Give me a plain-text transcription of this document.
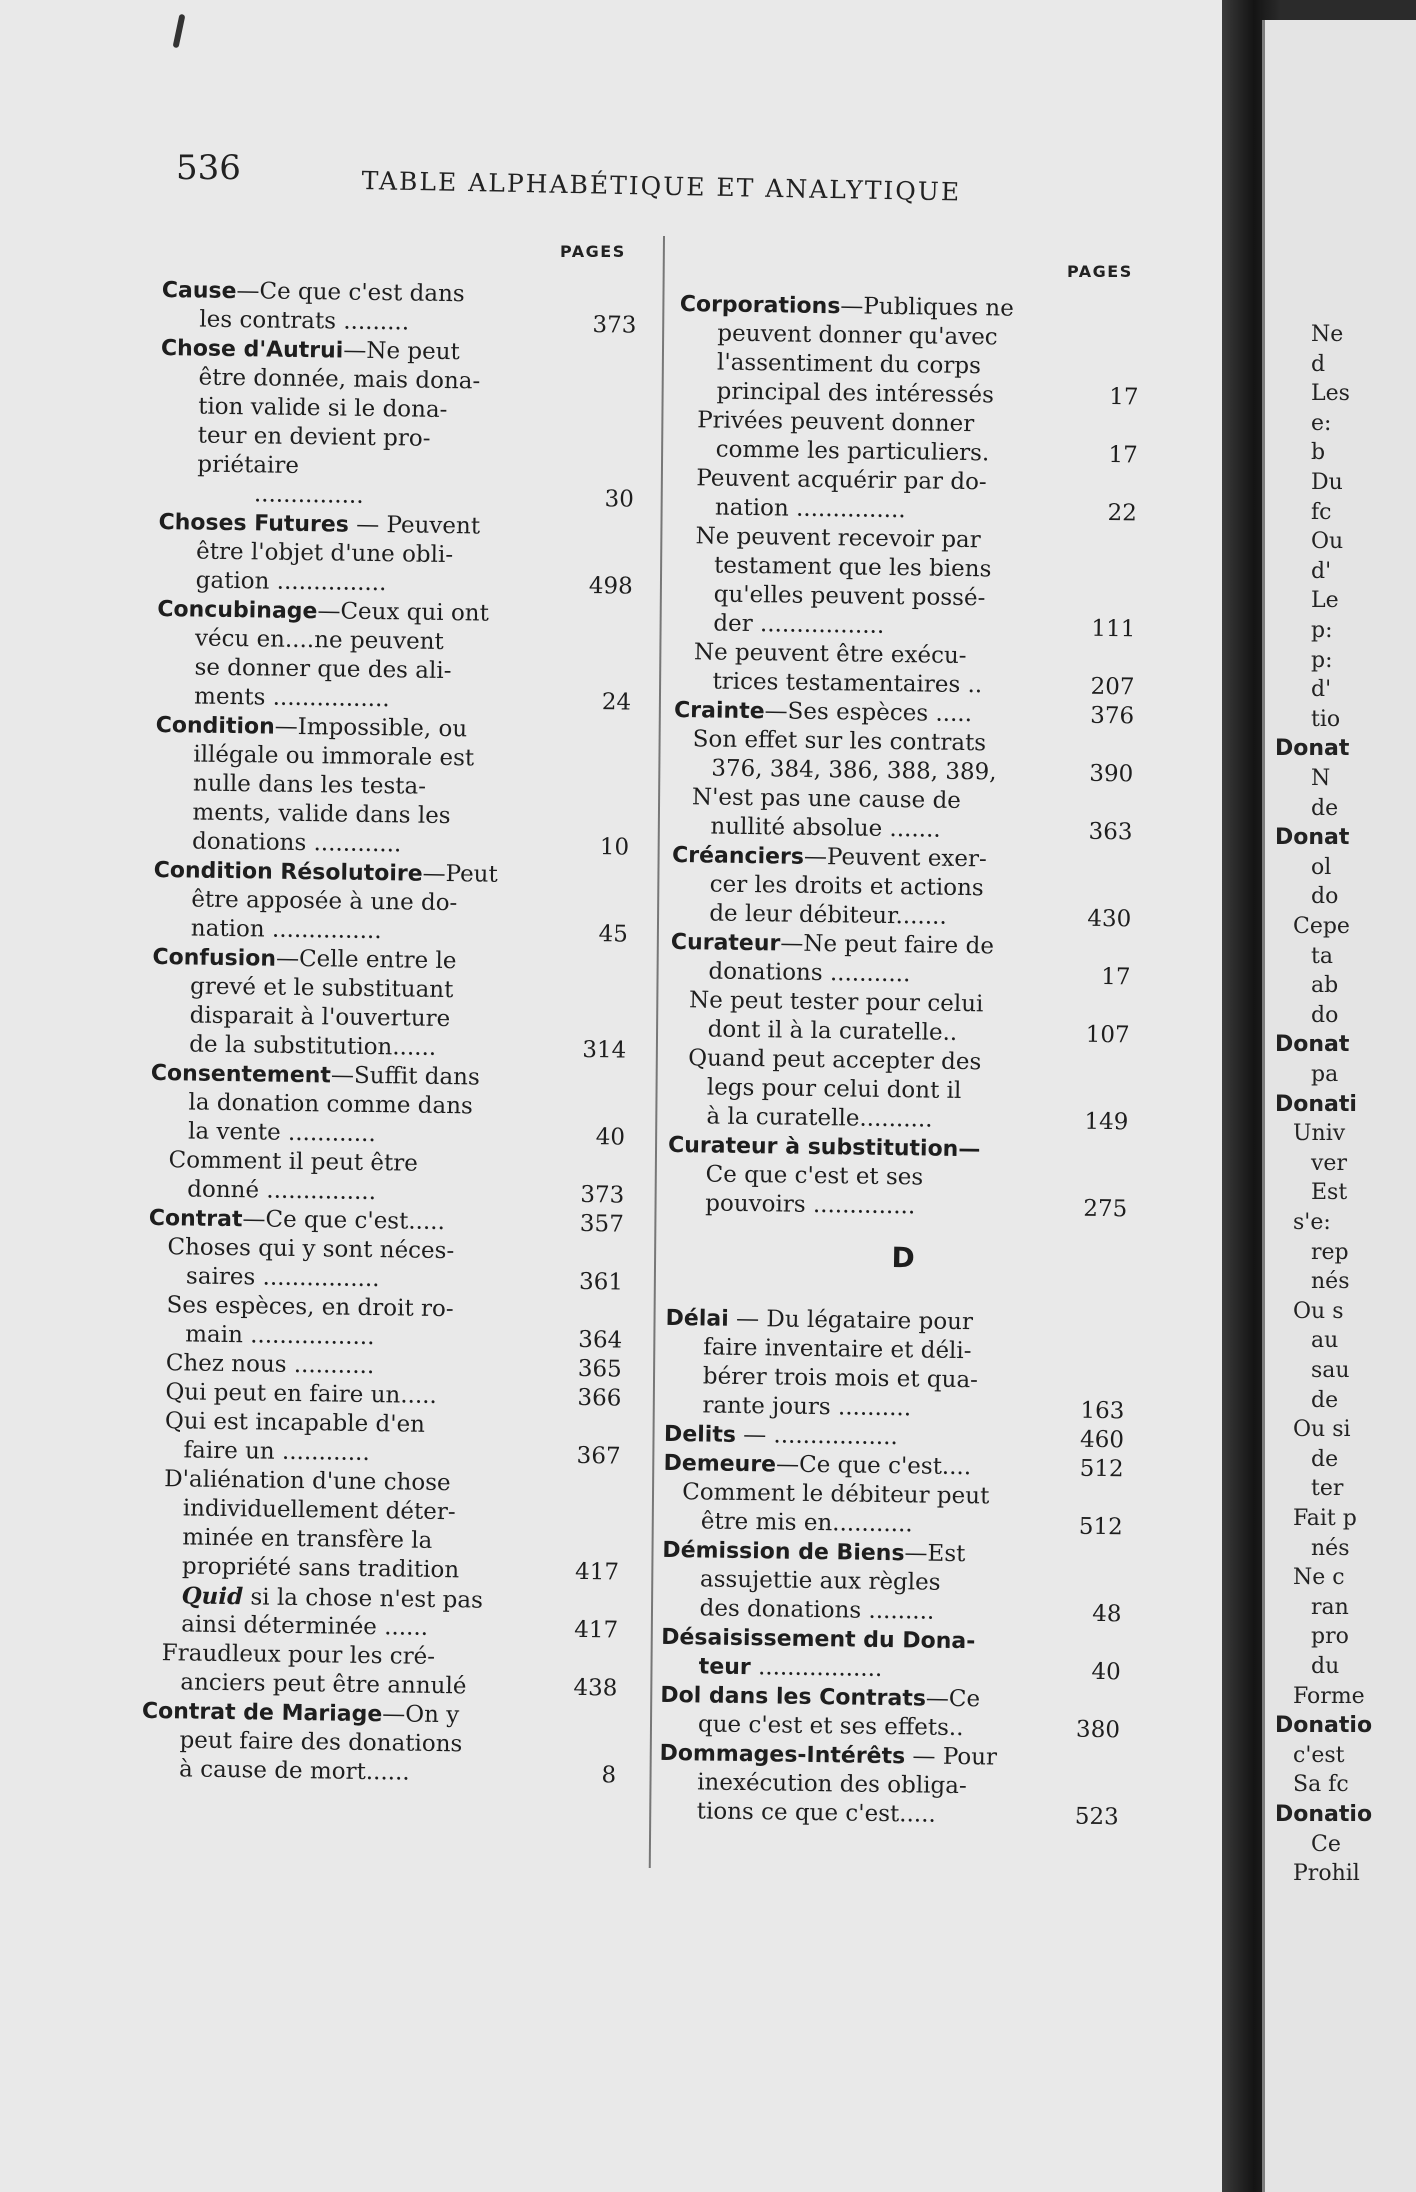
536	TABLE ALPHABÉTIQUE ET ANALYTIQUE
PAGES
PAGES
Cause—Ce que c'est dans
les contrats .........	373
Chose d'Autrui—Ne peut
être donnée, mais dona-
tion valide si le dona-
teur en devient pro-
priétaire
...............	30
Choses Futures — Peuvent
être l'objet d'une obli-
gation ...............	498
Concubinage—Ceux qui ont
vécu en....ne peuvent
se donner que des ali-
ments ................	24
Condition—Impossible, ou
illégale ou immorale est
nulle dans les testa-
ments, valide dans les
donations ............	10
Condition Résolutoire—Peut
être apposée à une do-
nation ...............	45
Confusion—Celle entre le
grevé et le substituant
disparait à l'ouverture
de la substitution......	314
Consentement—Suffit dans
la donation comme dans
la vente ............	40
Comment il peut être
donné ...............	373
Contrat—Ce que c'est.....	357
Choses qui y sont néces-
saires ................	361
Ses espèces, en droit ro-
main .................	364
Chez nous ...........	365
Qui peut en faire un.....	366
Qui est incapable d'en
faire un ............	367
D'aliénation d'une chose
individuellement déter-
minée en transfère la
propriété sans tradition	417
Quid si la chose n'est pas
ainsi déterminée ......	417
Fraudleux pour les cré-
anciers peut être annulé	438
Contrat de Mariage—On y
peut faire des donations
à cause de mort......	8
Corporations—Publiques ne
peuvent donner qu'avec
l'assentiment du corps
principal des intéressés	17
Privées peuvent donner
comme les particuliers.	17
Peuvent acquérir par do-
nation ...............	22
Ne peuvent recevoir par
testament que les biens
qu'elles peuvent possé-
der .................	111
Ne peuvent être exécu-
trices testamentaires ..	207
Crainte—Ses espèces .....	376
Son effet sur les contrats
376, 384, 386, 388, 389,	390
N'est pas une cause de
nullité absolue .......	363
Créanciers—Peuvent exer-
cer les droits et actions
de leur débiteur.......	430
Curateur—Ne peut faire de
donations ...........	17
Ne peut tester pour celui
dont il à la curatelle..	107
Quand peut accepter des
legs pour celui dont il
à la curatelle..........	149
Curateur à substitution—
Ce que c'est et ses
pouvoirs ..............	275
D
Délai — Du légataire pour
faire inventaire et déli-
bérer trois mois et qua-
rante jours ..........	163
Delits — .................	460
Demeure—Ce que c'est....	512
Comment le débiteur peut
être mis en...........	512
Démission de Biens—Est
assujettie aux règles
des donations .........	48
Désaisissement du Dona-
teur .................	40
Dol dans les Contrats—Ce
que c'est et ses effets..	380
Dommages-Intérêts — Pour
inexécution des obliga-
tions ce que c'est.....	523
Ne
d
Les
e:
b
Du
fc
Ou
d'
Le
p:
p:
d'
tio
Donat
N
de
Donat
ol
do
Cepe
ta
ab
do
Donat
pa
Donati
Univ
ver
Est
s'e:
rep
nés
Ou s
au
sau
de
Ou si
de
ter
Fait p
nés
Ne c
ran
pro
du
Forme
Donatio
c'est
Sa fc
Donatio
Ce
Prohil
